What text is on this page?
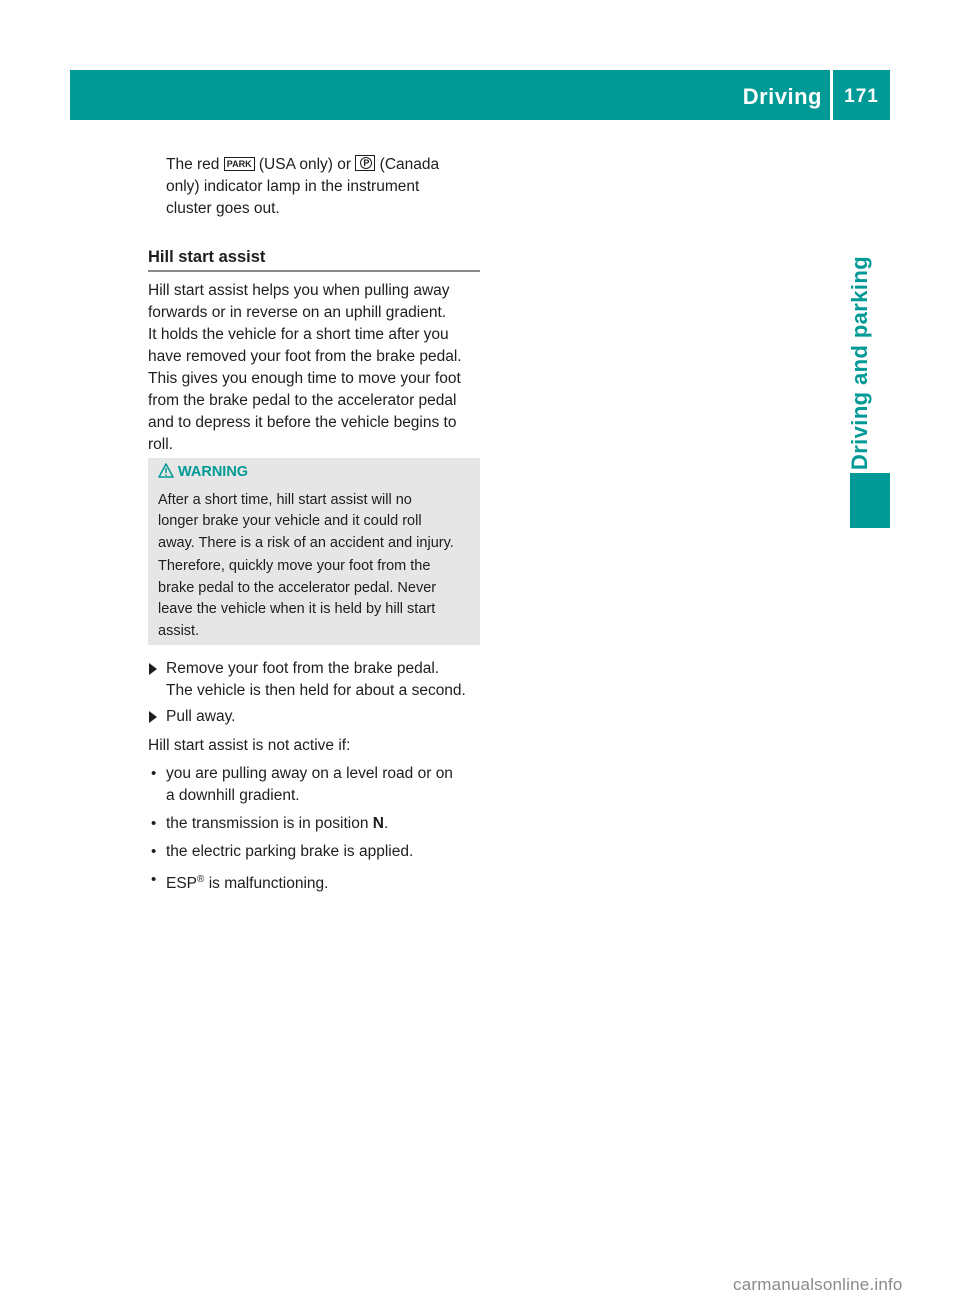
Driving	171
Driving and parking
The red PARK (USA only) or P (Canada
only) indicator lamp in the instrument
cluster goes out.
Hill start assist
Hill start assist helps you when pulling away
forwards or in reverse on an uphill gradient.
It holds the vehicle for a short time after you
have removed your foot from the brake pedal.
This gives you enough time to move your foot
from the brake pedal to the accelerator pedal
and to depress it before the vehicle begins to
roll.
WARNING
After a short time, hill start assist will no
longer brake your vehicle and it could roll
away. There is a risk of an accident and injury.
Therefore, quickly move your foot from the
brake pedal to the accelerator pedal. Never
leave the vehicle when it is held by hill start
assist.
Remove your foot from the brake pedal.
The vehicle is then held for about a second.
Pull away.
Hill start assist is not active if:
• you are pulling away on a level road or on
a downhill gradient.
• the transmission is in position N.
• the electric parking brake is applied.
• ESP® is malfunctioning.
carmanualsonline.info
